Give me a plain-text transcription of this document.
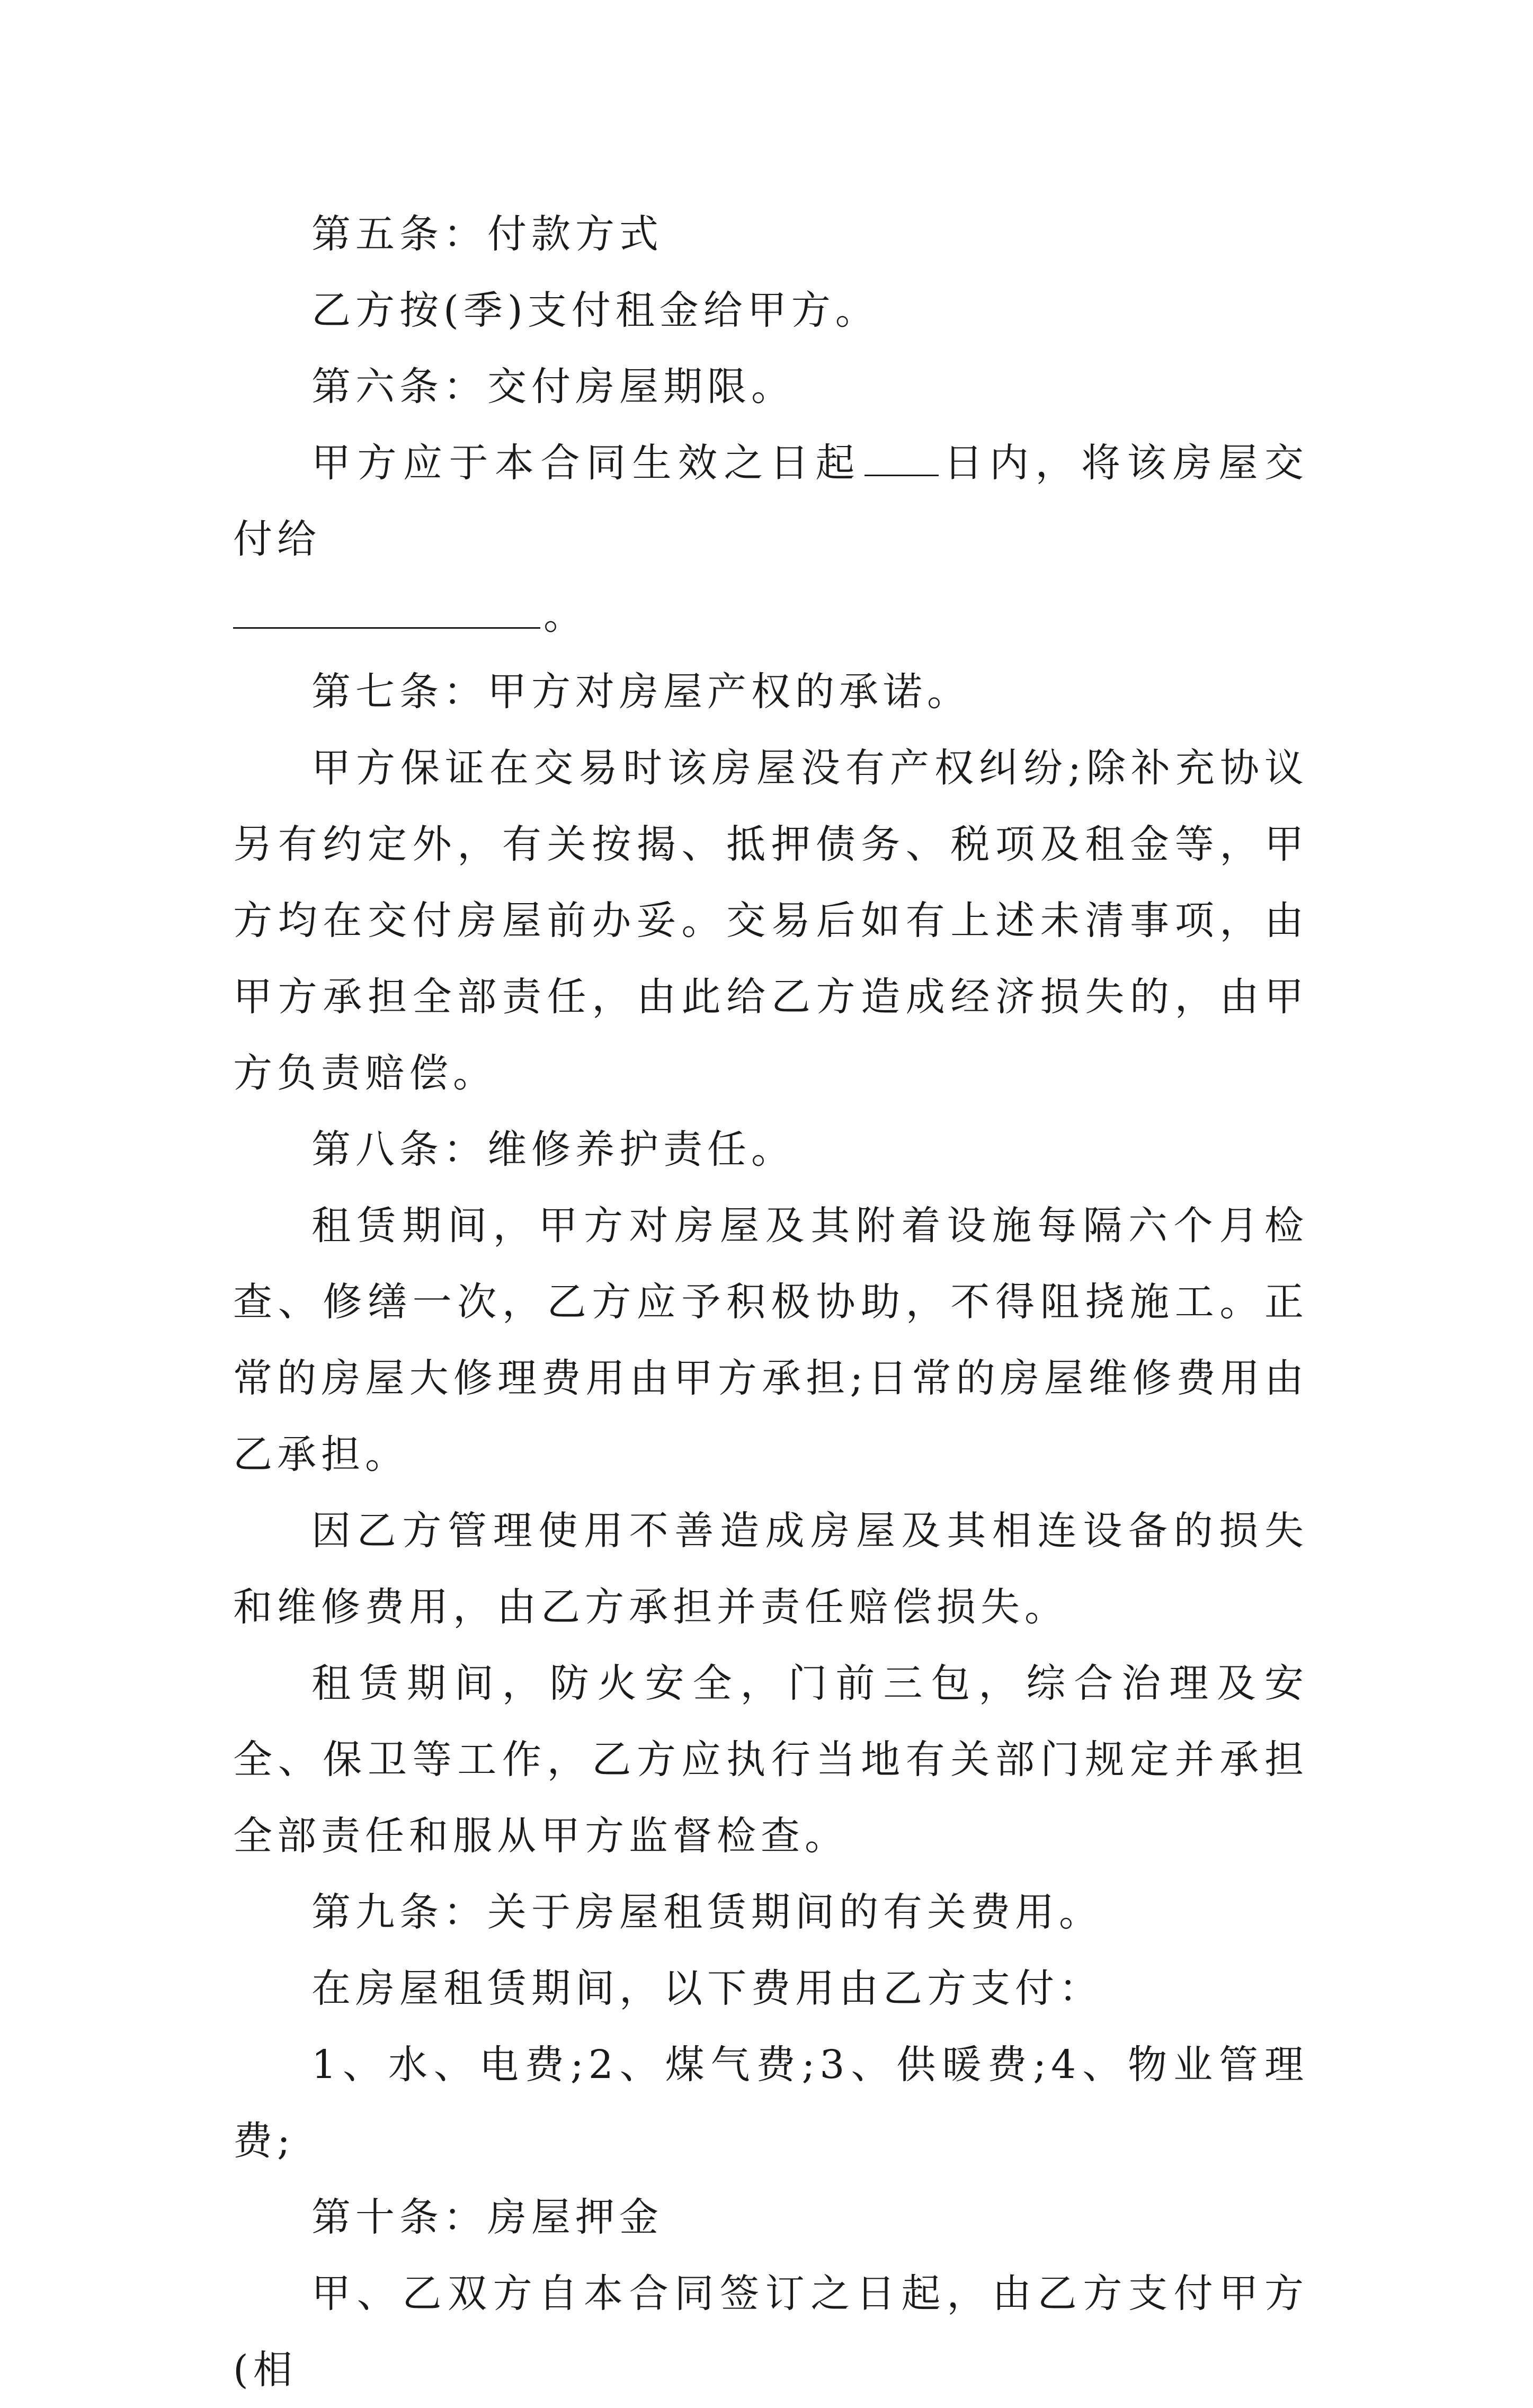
第五条：付款方式

乙方按(季)支付租金给甲方。

第六条：交付房屋期限。

甲方应于本合同生效之日起 日内，将该房屋交付给
。

第七条：甲方对房屋产权的承诺。

甲方保证在交易时该房屋没有产权纠纷;除补充协议另有约定外，有关按揭、抵押债务、税项及租金等，甲方均在交付房屋前办妥。交易后如有上述未清事项，由甲方承担全部责任，由此给乙方造成经济损失的，由甲方负责赔偿。

第八条：维修养护责任。

租赁期间，甲方对房屋及其附着设施每隔六个月检查、修缮一次，乙方应予积极协助，不得阻挠施工。正常的房屋大修理费用由甲方承担;日常的房屋维修费用由乙承担。

因乙方管理使用不善造成房屋及其相连设备的损失和维修费用，由乙方承担并责任赔偿损失。

租赁期间，防火安全，门前三包，综合治理及安全、保卫等工作，乙方应执行当地有关部门规定并承担全部责任和服从甲方监督检查。

第九条：关于房屋租赁期间的有关费用。

在房屋租赁期间，以下费用由乙方支付：

1、水、电费;2、煤气费;3、供暖费;4、物业管理费;

第十条：房屋押金

甲、乙双方自本合同签订之日起，由乙方支付甲方(相
